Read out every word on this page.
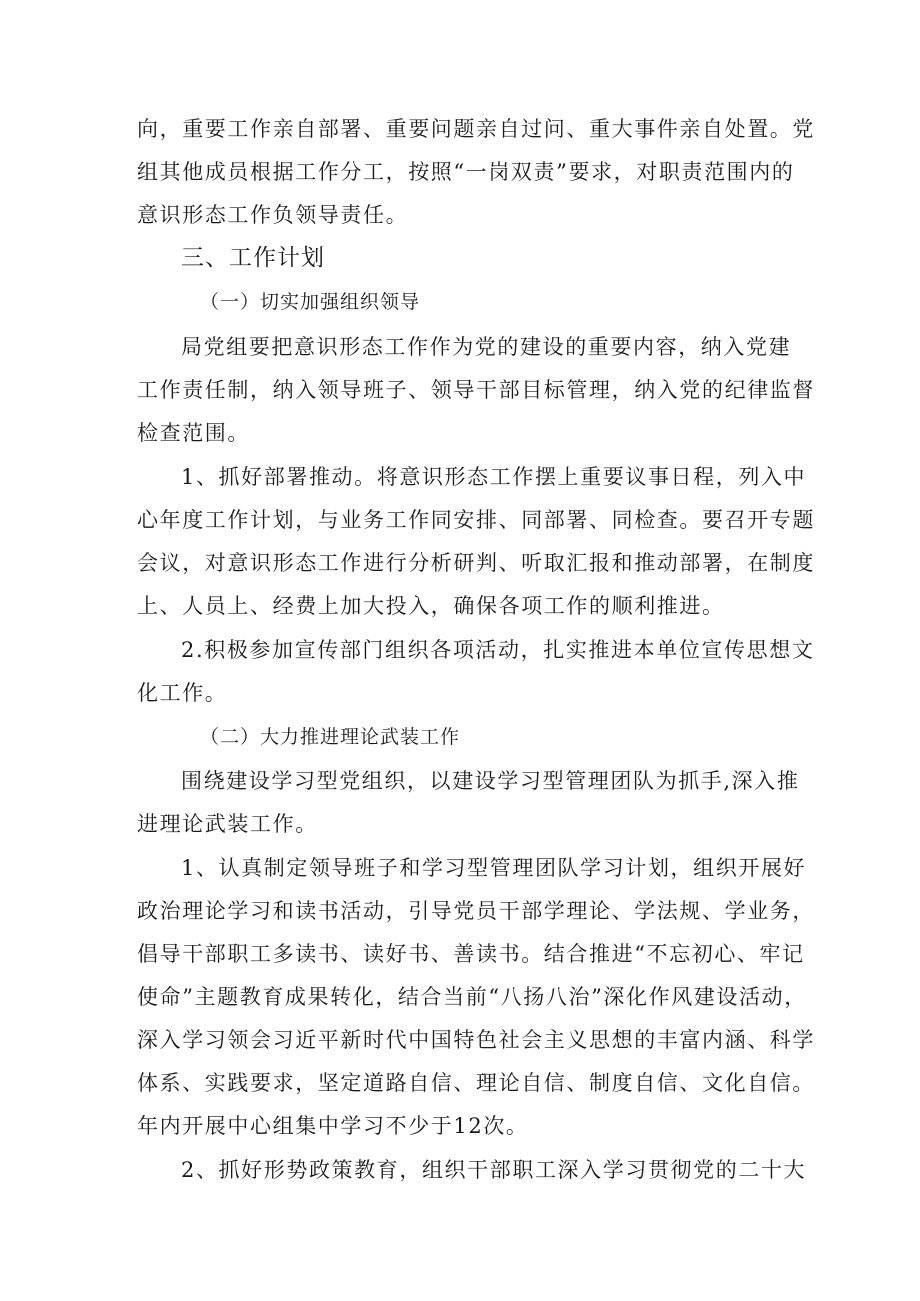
向，重要工作亲自部署、重要问题亲自过问、重大事件亲自处置。党
组其他成员根据工作分工，按照“一岗双责”要求，对职责范围内的
意识形态工作负领导责任。
三、工作计划
（一）切实加强组织领导
局党组要把意识形态工作作为党的建设的重要内容，纳入党建
工作责任制，纳入领导班子、领导干部目标管理，纳入党的纪律监督
检查范围。
1、抓好部署推动。将意识形态工作摆上重要议事日程，列入中
心年度工作计划，与业务工作同安排、同部署、同检查。要召开专题
会议，对意识形态工作进行分析研判、听取汇报和推动部署，在制度
上、人员上、经费上加大投入，确保各项工作的顺利推进。
2.积极参加宣传部门组织各项活动，扎实推进本单位宣传思想文
化工作。
（二）大力推进理论武装工作
围绕建设学习型党组织，以建设学习型管理团队为抓手,深入推
进理论武装工作。
1、认真制定领导班子和学习型管理团队学习计划，组织开展好
政治理论学习和读书活动，引导党员干部学理论、学法规、学业务，
倡导干部职工多读书、读好书、善读书。结合推进“不忘初心、牢记
使命”主题教育成果转化，结合当前“八扬八治”深化作风建设活动，
深入学习领会习近平新时代中国特色社会主义思想的丰富内涵、科学
体系、实践要求，坚定道路自信、理论自信、制度自信、文化自信。
年内开展中心组集中学习不少于12次。
2、抓好形势政策教育，组织干部职工深入学习贯彻党的二十大
